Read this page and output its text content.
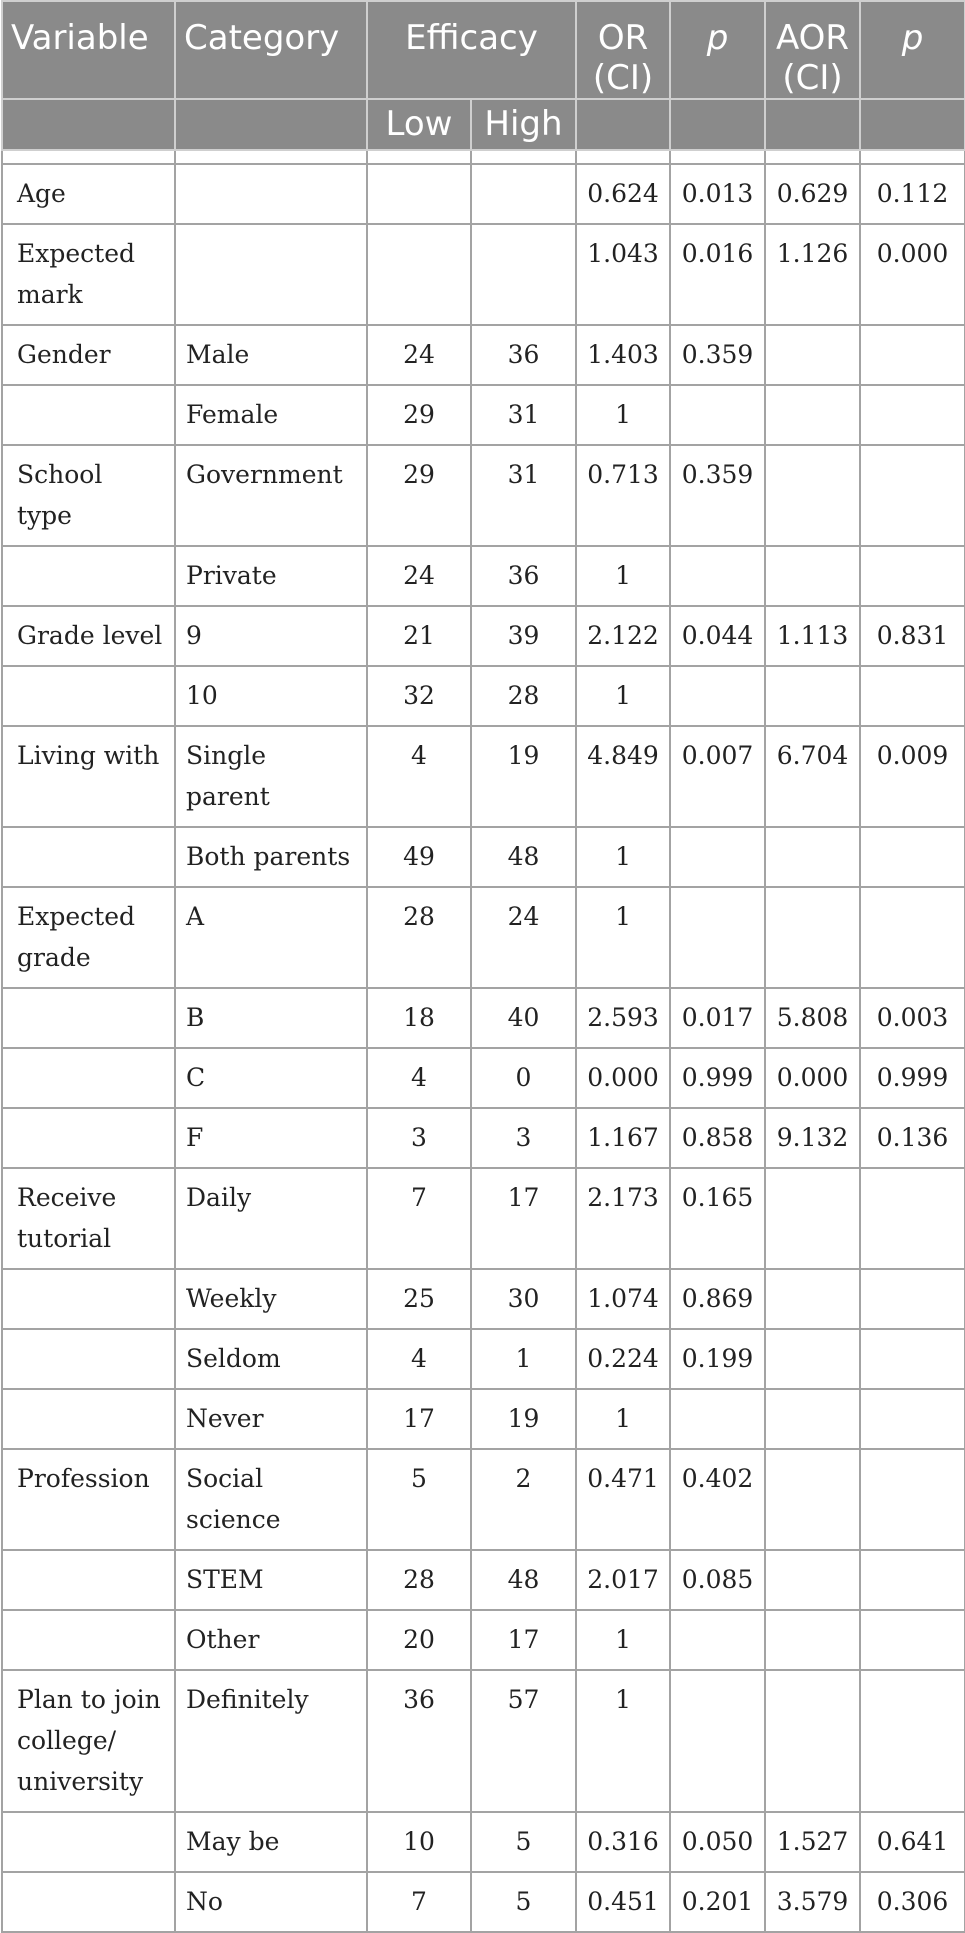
Variable	Category	Efficacy		OR (CI)	p	AOR (CI)	p
		Low	High				

Age				0.624	0.013	0.629	0.112
Expected mark				1.043	0.016	1.126	0.000
Gender	Male	24	36	1.403	0.359		
	Female	29	31	1			
School type	Government	29	31	0.713	0.359		
	Private	24	36	1			
Grade level	9	21	39	2.122	0.044	1.113	0.831
	10	32	28	1			
Living with	Single parent	4	19	4.849	0.007	6.704	0.009
	Both parents	49	48	1			
Expected grade	A	28	24	1			
	B	18	40	2.593	0.017	5.808	0.003
	C	4	0	0.000	0.999	0.000	0.999
	F	3	3	1.167	0.858	9.132	0.136
Receive tutorial	Daily	7	17	2.173	0.165		
	Weekly	25	30	1.074	0.869		
	Seldom	4	1	0.224	0.199		
	Never	17	19	1			
Profession	Social science	5	2	0.471	0.402		
	STEM	28	48	2.017	0.085		
	Other	20	17	1			
Plan to join college/ university	Definitely	36	57	1			
	May be	10	5	0.316	0.050	1.527	0.641
	No	7	5	0.451	0.201	3.579	0.306
